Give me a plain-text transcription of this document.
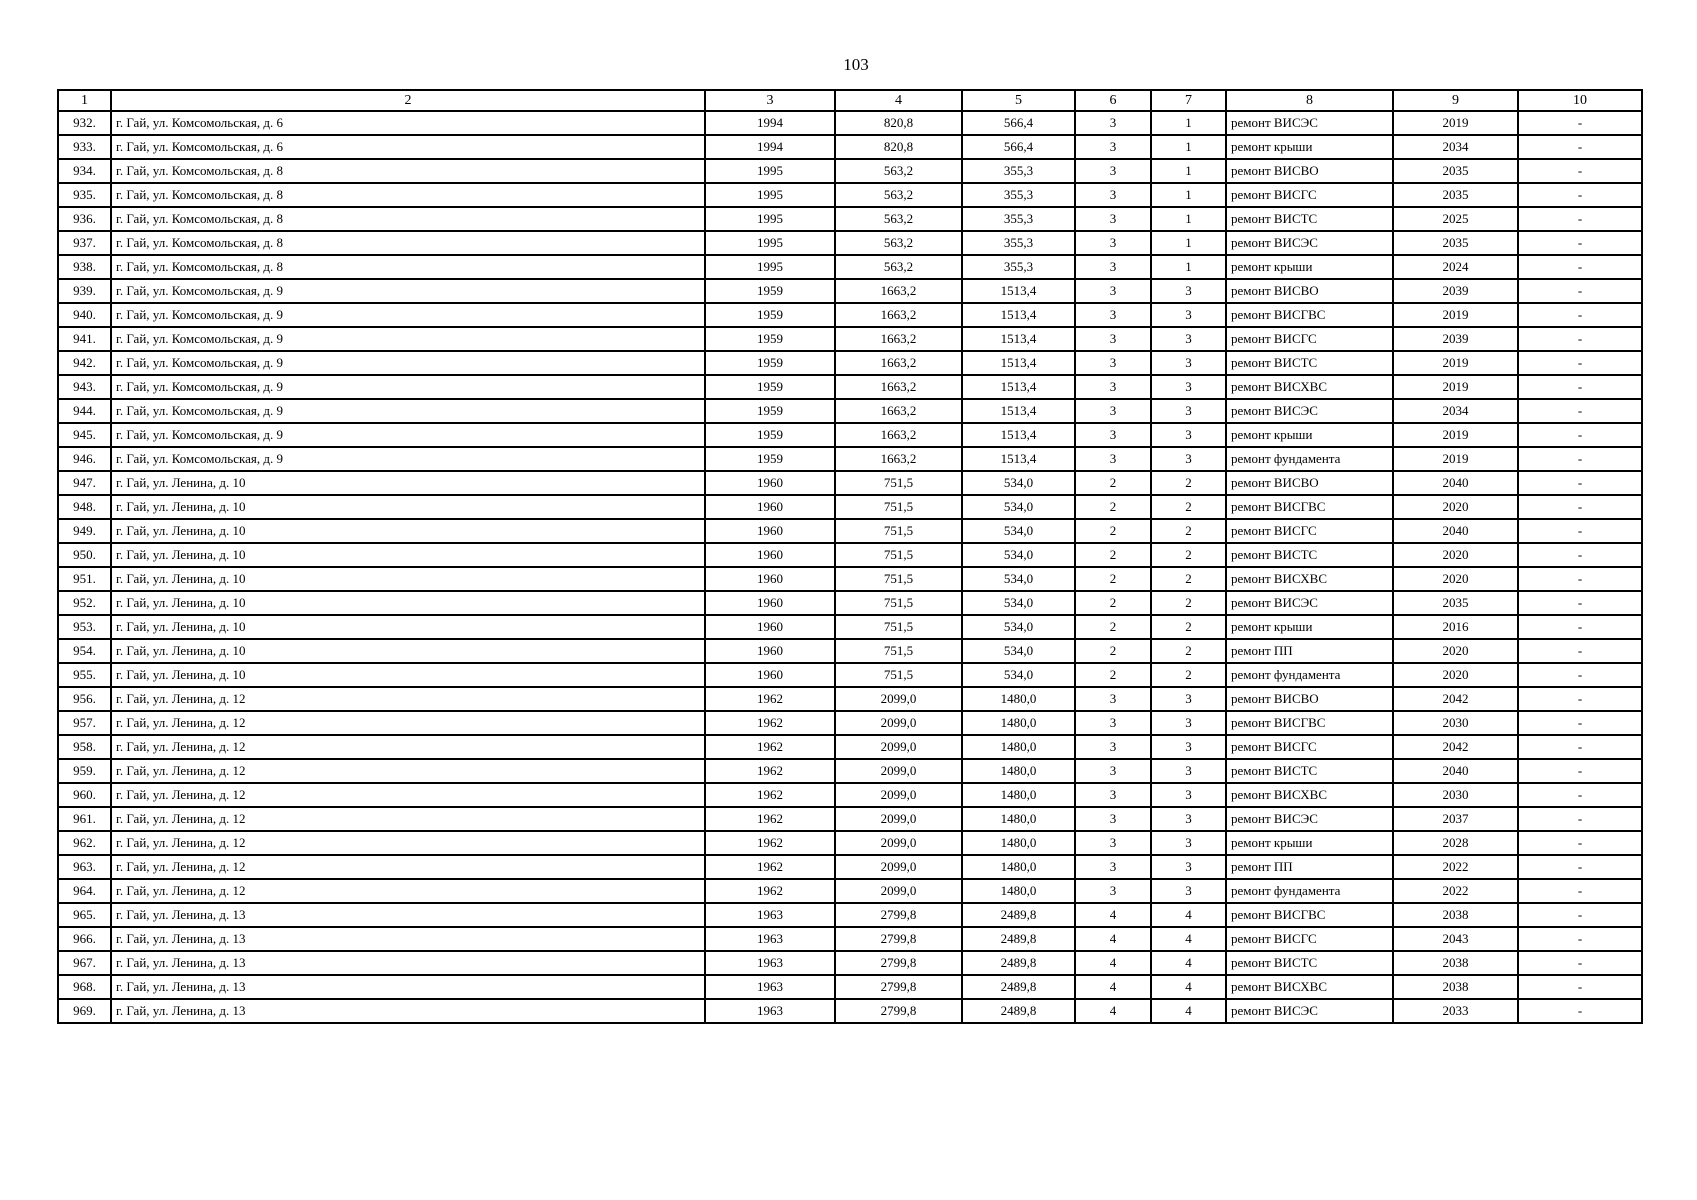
103
1	2	3	4	5	6	7	8	9	10
932.	г. Гай, ул. Комсомольская, д. 6	1994	820,8	566,4	3	1	ремонт ВИСЭС	2019	-
933.	г. Гай, ул. Комсомольская, д. 6	1994	820,8	566,4	3	1	ремонт крыши	2034	-
934.	г. Гай, ул. Комсомольская, д. 8	1995	563,2	355,3	3	1	ремонт ВИСВО	2035	-
935.	г. Гай, ул. Комсомольская, д. 8	1995	563,2	355,3	3	1	ремонт ВИСГС	2035	-
936.	г. Гай, ул. Комсомольская, д. 8	1995	563,2	355,3	3	1	ремонт ВИСТС	2025	-
937.	г. Гай, ул. Комсомольская, д. 8	1995	563,2	355,3	3	1	ремонт ВИСЭС	2035	-
938.	г. Гай, ул. Комсомольская, д. 8	1995	563,2	355,3	3	1	ремонт крыши	2024	-
939.	г. Гай, ул. Комсомольская, д. 9	1959	1663,2	1513,4	3	3	ремонт ВИСВО	2039	-
940.	г. Гай, ул. Комсомольская, д. 9	1959	1663,2	1513,4	3	3	ремонт ВИСГВС	2019	-
941.	г. Гай, ул. Комсомольская, д. 9	1959	1663,2	1513,4	3	3	ремонт ВИСГС	2039	-
942.	г. Гай, ул. Комсомольская, д. 9	1959	1663,2	1513,4	3	3	ремонт ВИСТС	2019	-
943.	г. Гай, ул. Комсомольская, д. 9	1959	1663,2	1513,4	3	3	ремонт ВИСХВС	2019	-
944.	г. Гай, ул. Комсомольская, д. 9	1959	1663,2	1513,4	3	3	ремонт ВИСЭС	2034	-
945.	г. Гай, ул. Комсомольская, д. 9	1959	1663,2	1513,4	3	3	ремонт крыши	2019	-
946.	г. Гай, ул. Комсомольская, д. 9	1959	1663,2	1513,4	3	3	ремонт фундамента	2019	-
947.	г. Гай, ул. Ленина, д. 10	1960	751,5	534,0	2	2	ремонт ВИСВО	2040	-
948.	г. Гай, ул. Ленина, д. 10	1960	751,5	534,0	2	2	ремонт ВИСГВС	2020	-
949.	г. Гай, ул. Ленина, д. 10	1960	751,5	534,0	2	2	ремонт ВИСГС	2040	-
950.	г. Гай, ул. Ленина, д. 10	1960	751,5	534,0	2	2	ремонт ВИСТС	2020	-
951.	г. Гай, ул. Ленина, д. 10	1960	751,5	534,0	2	2	ремонт ВИСХВС	2020	-
952.	г. Гай, ул. Ленина, д. 10	1960	751,5	534,0	2	2	ремонт ВИСЭС	2035	-
953.	г. Гай, ул. Ленина, д. 10	1960	751,5	534,0	2	2	ремонт крыши	2016	-
954.	г. Гай, ул. Ленина, д. 10	1960	751,5	534,0	2	2	ремонт ПП	2020	-
955.	г. Гай, ул. Ленина, д. 10	1960	751,5	534,0	2	2	ремонт фундамента	2020	-
956.	г. Гай, ул. Ленина, д. 12	1962	2099,0	1480,0	3	3	ремонт ВИСВО	2042	-
957.	г. Гай, ул. Ленина, д. 12	1962	2099,0	1480,0	3	3	ремонт ВИСГВС	2030	-
958.	г. Гай, ул. Ленина, д. 12	1962	2099,0	1480,0	3	3	ремонт ВИСГС	2042	-
959.	г. Гай, ул. Ленина, д. 12	1962	2099,0	1480,0	3	3	ремонт ВИСТС	2040	-
960.	г. Гай, ул. Ленина, д. 12	1962	2099,0	1480,0	3	3	ремонт ВИСХВС	2030	-
961.	г. Гай, ул. Ленина, д. 12	1962	2099,0	1480,0	3	3	ремонт ВИСЭС	2037	-
962.	г. Гай, ул. Ленина, д. 12	1962	2099,0	1480,0	3	3	ремонт крыши	2028	-
963.	г. Гай, ул. Ленина, д. 12	1962	2099,0	1480,0	3	3	ремонт ПП	2022	-
964.	г. Гай, ул. Ленина, д. 12	1962	2099,0	1480,0	3	3	ремонт фундамента	2022	-
965.	г. Гай, ул. Ленина, д. 13	1963	2799,8	2489,8	4	4	ремонт ВИСГВС	2038	-
966.	г. Гай, ул. Ленина, д. 13	1963	2799,8	2489,8	4	4	ремонт ВИСГС	2043	-
967.	г. Гай, ул. Ленина, д. 13	1963	2799,8	2489,8	4	4	ремонт ВИСТС	2038	-
968.	г. Гай, ул. Ленина, д. 13	1963	2799,8	2489,8	4	4	ремонт ВИСХВС	2038	-
969.	г. Гай, ул. Ленина, д. 13	1963	2799,8	2489,8	4	4	ремонт ВИСЭС	2033	-
